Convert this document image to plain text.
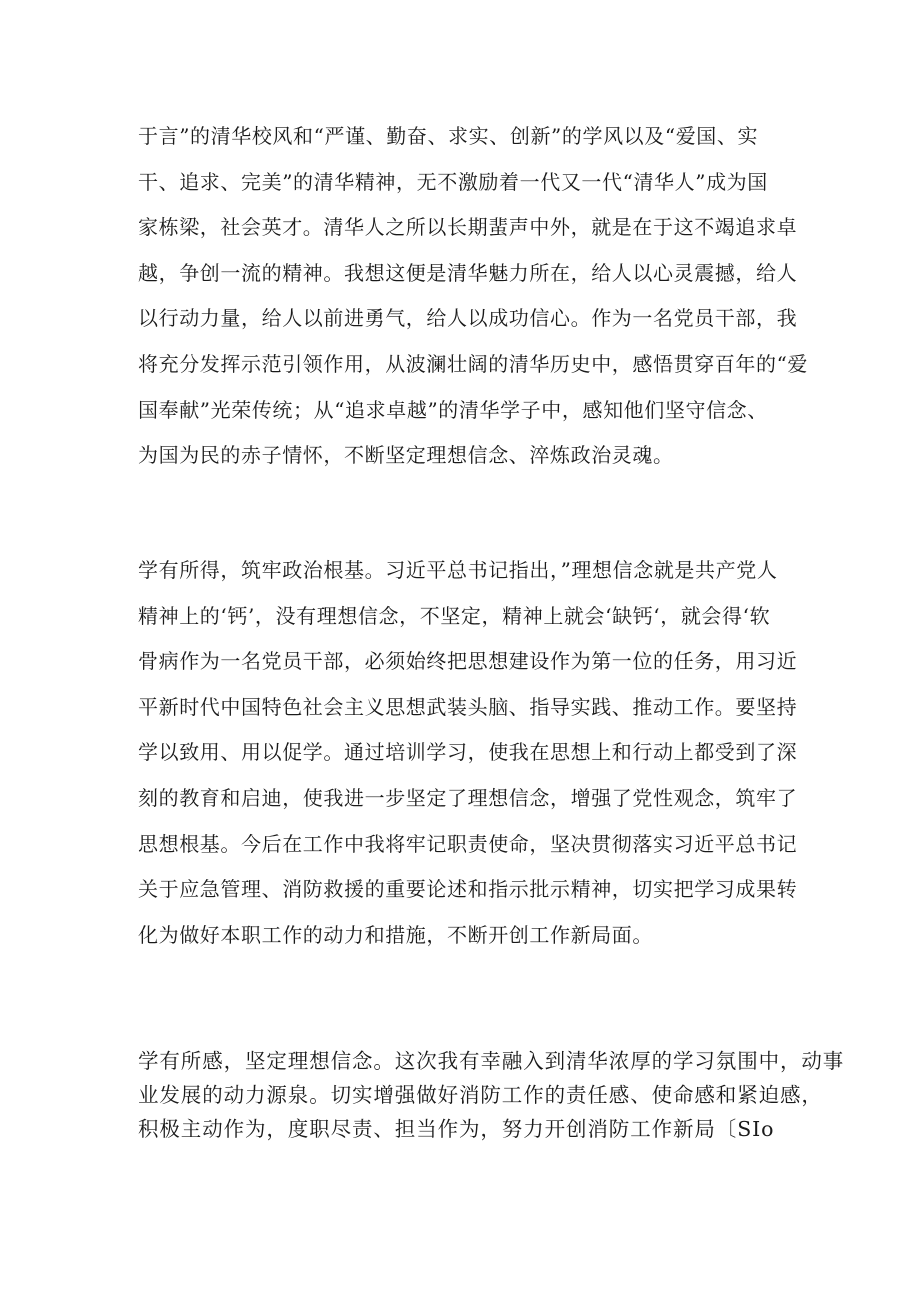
于言”的清华校风和“严谨、勤奋、求实、创新”的学风以及“爱国、实
干、追求、完美”的清华精神，无不激励着一代又一代“清华人”成为国
家栋梁，社会英才。清华人之所以长期蜚声中外，就是在于这不竭追求卓
越，争创一流的精神。我想这便是清华魅力所在，给人以心灵震撼，给人
以行动力量，给人以前进勇气，给人以成功信心。作为一名党员干部，我
将充分发挥示范引领作用，从波澜壮阔的清华历史中，感悟贯穿百年的“爱
国奉献”光荣传统；从“追求卓越”的清华学子中，感知他们坚守信念、
为国为民的赤子情怀，不断坚定理想信念、淬炼政治灵魂。
学有所得，筑牢政治根基。习近平总书记指出，”理想信念就是共产党人
精神上的‘钙’，没有理想信念，不坚定，精神上就会‘缺钙‘，就会得‘软
骨病作为一名党员干部，必须始终把思想建设作为第一位的任务，用习近
平新时代中国特色社会主义思想武装头脑、指导实践、推动工作。要坚持
学以致用、用以促学。通过培训学习，使我在思想上和行动上都受到了深
刻的教育和启迪，使我进一步坚定了理想信念，增强了党性观念，筑牢了
思想根基。今后在工作中我将牢记职责使命，坚决贯彻落实习近平总书记
关于应急管理、消防救援的重要论述和指示批示精神，切实把学习成果转
化为做好本职工作的动力和措施，不断开创工作新局面。
学有所感，坚定理想信念。这次我有幸融入到清华浓厚的学习氛围中，动事
业发展的动力源泉。切实增强做好消防工作的责任感、使命感和紧迫感，
积极主动作为，度职尽责、担当作为，努力开创消防工作新局〔SIo
